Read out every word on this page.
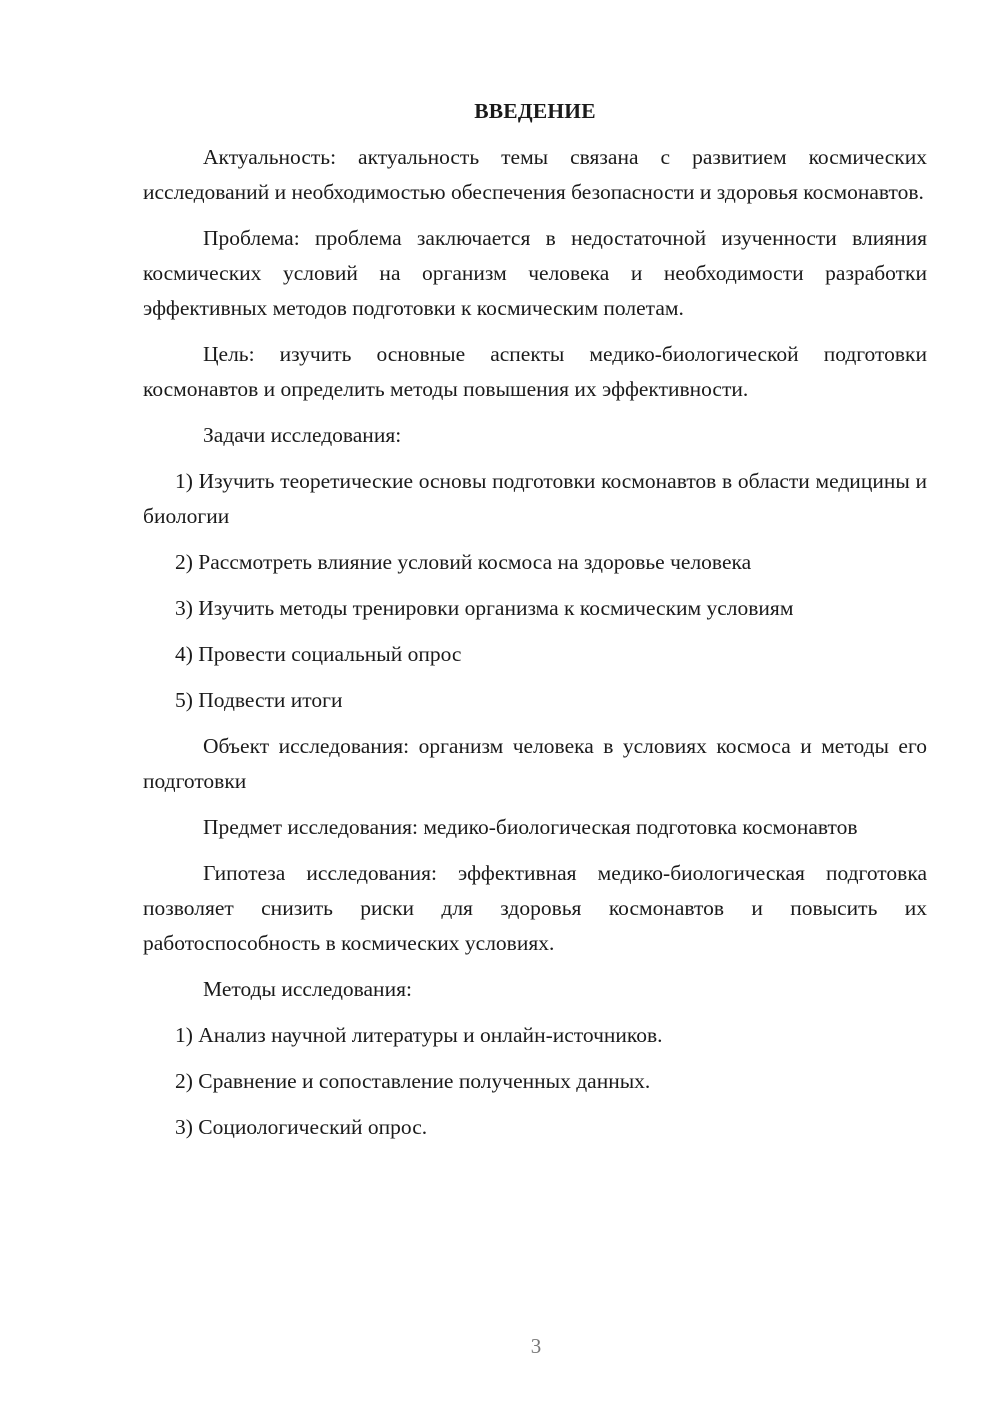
ВВЕДЕНИЕ

Актуальность: актуальность темы связана с развитием космических исследований и необходимостью обеспечения безопасности и здоровья космонавтов.

Проблема: проблема заключается в недостаточной изученности влияния космических условий на организм человека и необходимости разработки эффективных методов подготовки к космическим полетам.

Цель: изучить основные аспекты медико-биологической подготовки космонавтов и определить методы повышения их эффективности.

Задачи исследования:

1) Изучить теоретические основы подготовки космонавтов в области медицины и биологии

2) Рассмотреть влияние условий космоса на здоровье человека

3) Изучить методы тренировки организма к космическим условиям

4) Провести социальный опрос

5) Подвести итоги

Объект исследования: организм человека в условиях космоса и методы его подготовки

Предмет исследования: медико-биологическая подготовка космонавтов

Гипотеза исследования: эффективная медико-биологическая подготовка позволяет снизить риски для здоровья космонавтов и повысить их работоспособность в космических условиях.

Методы исследования:

1) Анализ научной литературы и онлайн-источников.

2) Сравнение и сопоставление полученных данных.

3) Социологический опрос.

3
